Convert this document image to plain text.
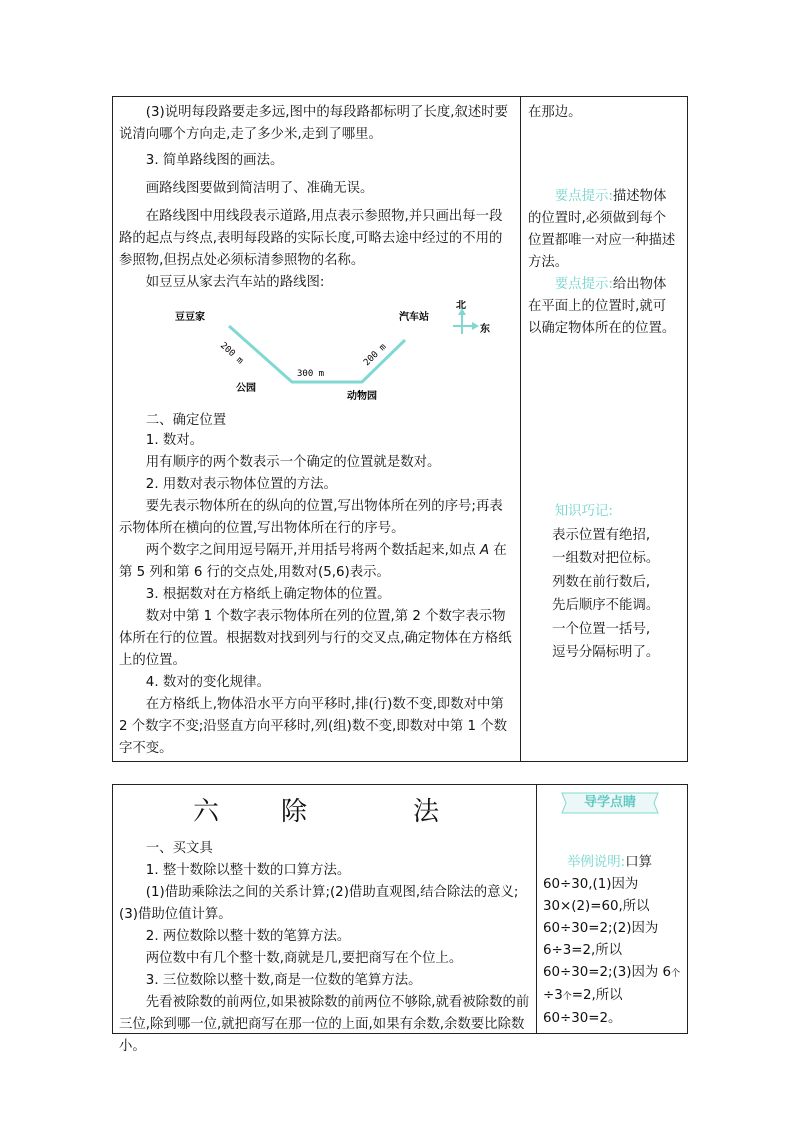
(3)说明每段路要走多远,图中的每段路都标明了长度,叙述时要说清向哪个方向走,走了多少米,走到了哪里。

3. 简单路线图的画法。

画路线图要做到简洁明了、准确无误。

在路线图中用线段表示道路,用点表示参照物,并只画出每一段路的起点与终点,表明每段路的实际长度,可略去途中经过的不用的参照物,但拐点处必须标清参照物的名称。

如豆豆从家去汽车站的路线图:

豆豆家	汽车站
公园
动物园
200 m
300 m
200 m
北
东

二、确定位置

1. 数对。

用有顺序的两个数表示一个确定的位置就是数对。

2. 用数对表示物体位置的方法。

要先表示物体所在的纵向的位置,写出物体所在列的序号;再表示物体所在横向的位置,写出物体所在行的序号。

两个数字之间用逗号隔开,并用括号将两个数括起来,如点 A 在第 5 列和第 6 行的交点处,用数对(5,6)表示。

3. 根据数对在方格纸上确定物体的位置。

数对中第 1 个数字表示物体所在列的位置,第 2 个数字表示物体所在行的位置。根据数对找到列与行的交叉点,确定物体在方格纸上的位置。

4. 数对的变化规律。

在方格纸上,物体沿水平方向平移时,排(行)数不变,即数对中第 2 个数字不变;沿竖直方向平移时,列(组)数不变,即数对中第 1 个数字不变。

在那边。

要点提示:描述物体的位置时,必须做到每个位置都唯一对应一种描述方法。

要点提示:给出物体在平面上的位置时,就可以确定物体所在的位置。

知识巧记:

表示位置有绝招,

一组数对把位标。

列数在前行数后,

先后顺序不能调。

一个位置一括号,

逗号分隔标明了。

六　除　　法

一、买文具

1. 整十数除以整十数的口算方法。

(1)借助乘除法之间的关系计算;(2)借助直观图,结合除法的意义;(3)借助位值计算。

2. 两位数除以整十数的笔算方法。

两位数中有几个整十数,商就是几,要把商写在个位上。

3. 三位数除以整十数,商是一位数的笔算方法。

先看被除数的前两位,如果被除数的前两位不够除,就看被除数的前三位,除到哪一位,就把商写在那一位的上面,如果有余数,余数要比除数小。

导学点睛

举例说明:口算

60÷30,(1)因为

30×(2)=60,所以

60÷30=2;(2)因为

6÷3=2,所以

60÷30=2;(3)因为 6个

÷3个=2,所以

60÷30=2。
